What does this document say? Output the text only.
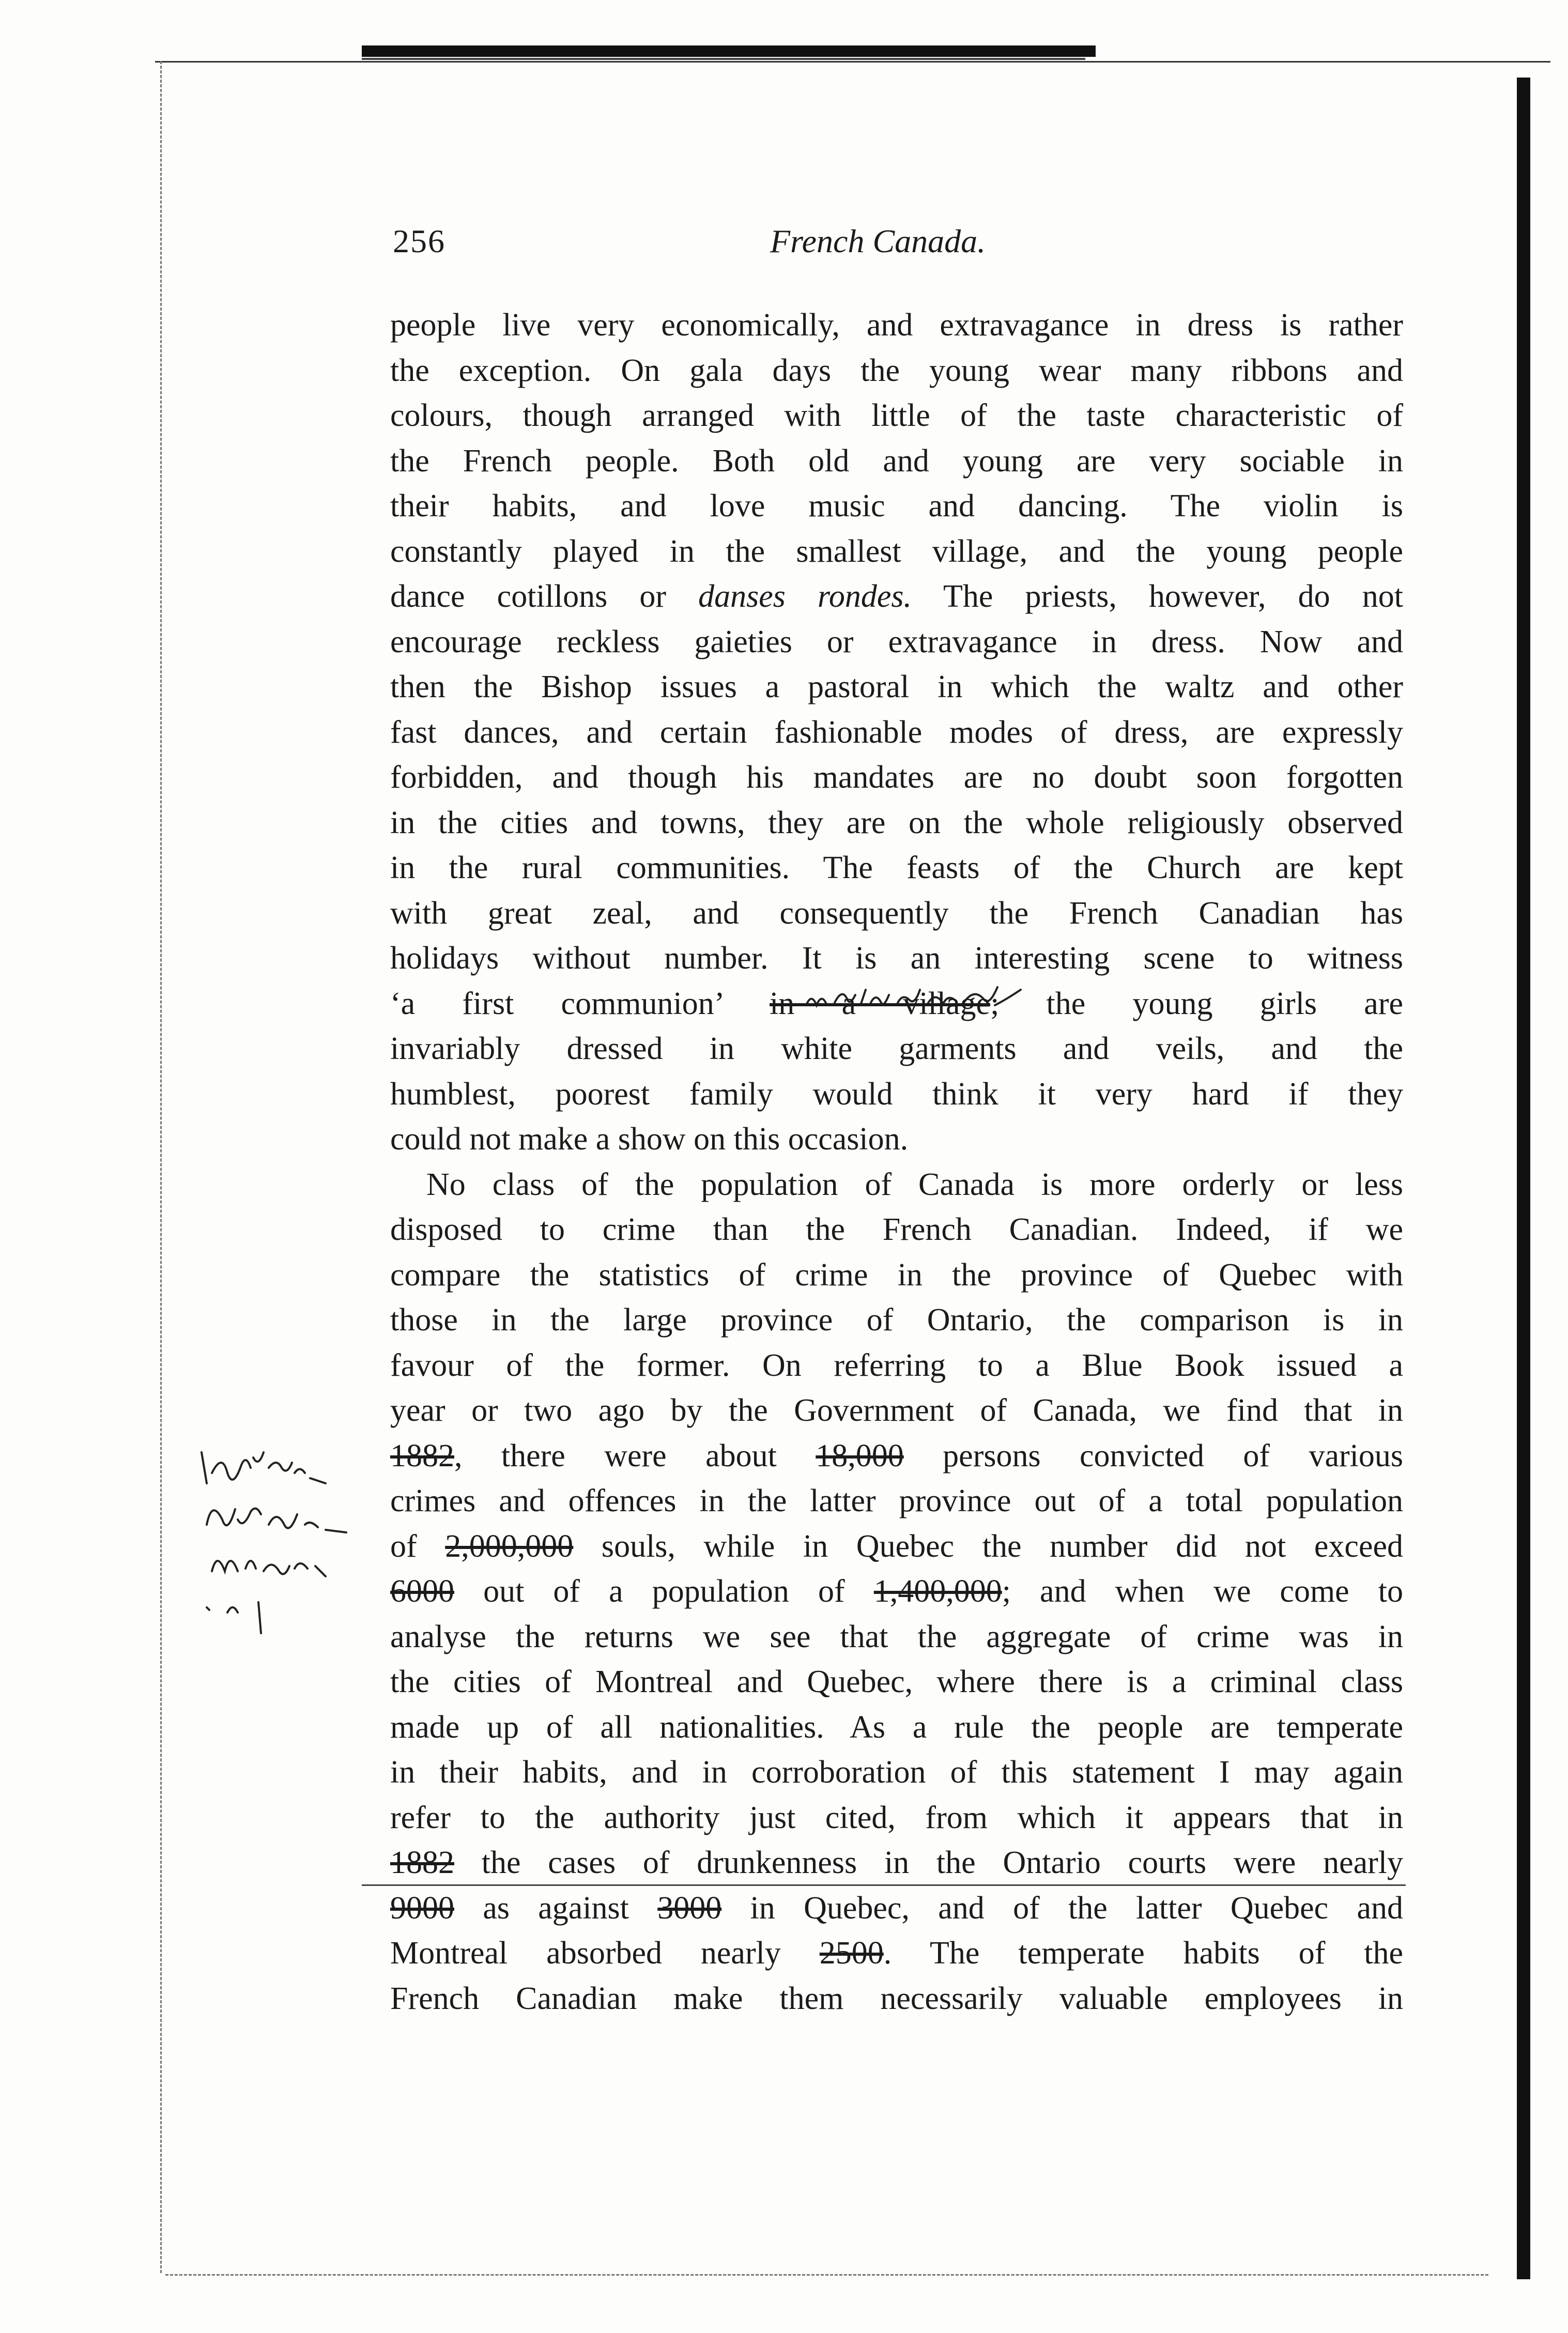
256	French Canada.
people live very economically, and extravagance in dress is rather
the exception. On gala days the young wear many ribbons and
colours, though arranged with little of the taste characteristic of
the French people. Both old and young are very sociable in
their habits, and love music and dancing. The violin is
constantly played in the smallest village, and the young people
dance cotillons or danses rondes. The priests, however, do not
encourage reckless gaieties or extravagance in dress. Now and
then the Bishop issues a pastoral in which the waltz and other
fast dances, and certain fashionable modes of dress, are expressly
forbidden, and though his mandates are no doubt soon forgotten
in the cities and towns, they are on the whole religiously observed
in the rural communities. The feasts of the Church are kept
with great zeal, and consequently the French Canadian has
holidays without number. It is an interesting scene to witness
‘a first communion’ in a village; the young girls are
invariably dressed in white garments and veils, and the
humblest, poorest family would think it very hard if they
could not make a show on this occasion.
No class of the population of Canada is more orderly or less
disposed to crime than the French Canadian. Indeed, if we
compare the statistics of crime in the province of Quebec with
those in the large province of Ontario, the comparison is in
favour of the former. On referring to a Blue Book issued a
year or two ago by the Government of Canada, we find that in
1882, there were about 18,000 persons convicted of various
crimes and offences in the latter province out of a total population
of 2,000,000 souls, while in Quebec the number did not exceed
6000 out of a population of 1,400,000; and when we come to
analyse the returns we see that the aggregate of crime was in
the cities of Montreal and Quebec, where there is a criminal class
made up of all nationalities. As a rule the people are temperate
in their habits, and in corroboration of this statement I may again
refer to the authority just cited, from which it appears that in
1882 the cases of drunkenness in the Ontario courts were nearly
9000 as against 3000 in Quebec, and of the latter Quebec and
Montreal absorbed nearly 2500. The temperate habits of the
French Canadian make them necessarily valuable employees in
